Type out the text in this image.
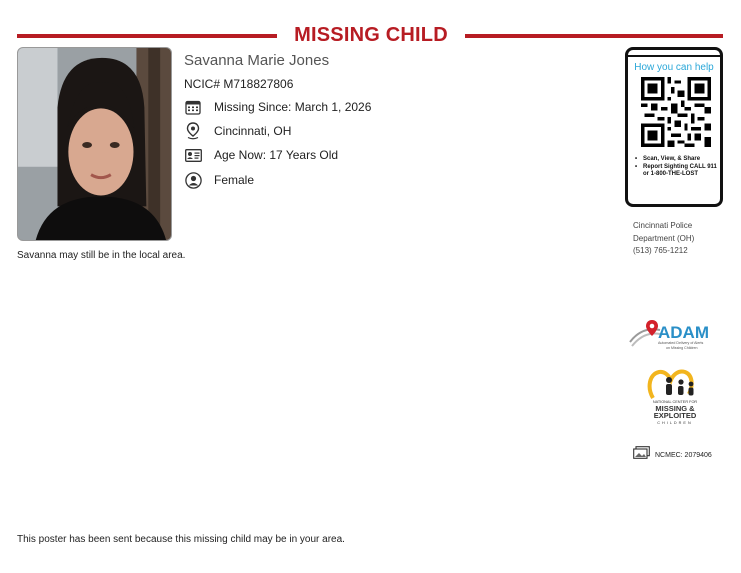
MISSING CHILD
Savanna may still be in the local area.
Savanna Marie Jones
NCIC# M718827806
Missing Since: March 1, 2026
Cincinnati, OH
Age Now: 17 Years Old
Female
How you can help
• Scan, View, & Share
• Report Sighting CALL 911 or 1-800-THE-LOST
Cincinnati Police
Department (OH)
(513) 765-1212
ADAM
Automated Delivery of Alerts
on Missing Children
NATIONAL CENTER FOR
MISSING &
EXPLOITED
CHILDREN
NCMEC: 2079406
This poster has been sent because this missing child may be in your area.
